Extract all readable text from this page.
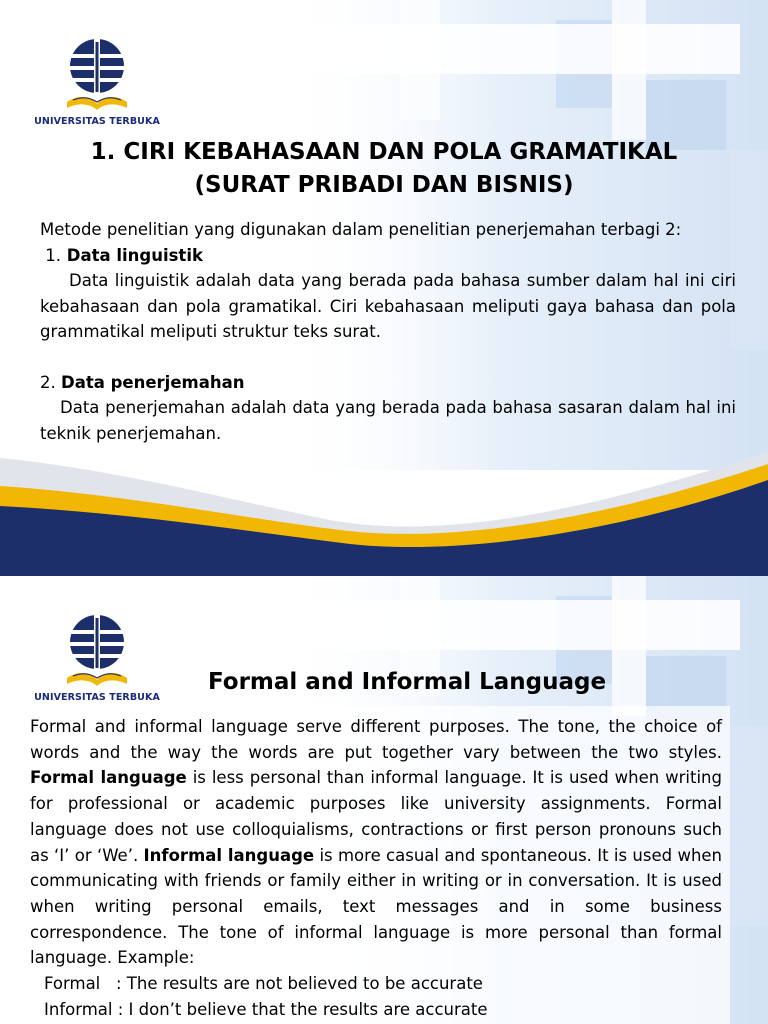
UNIVERSITAS TERBUKA
1. CIRI KEBAHASAAN DAN POLA GRAMATIKAL
(SURAT PRIBADI DAN BISNIS)

Metode penelitian yang digunakan dalam penelitian penerjemahan terbagi 2:

1. Data linguistik

Data linguistik adalah data yang berada pada bahasa sumber dalam hal ini ciri kebahasaan dan pola gramatikal. Ciri kebahasaan meliputi gaya bahasa dan pola grammatikal meliputi struktur teks surat.

2. Data penerjemahan

Data penerjemahan adalah data yang berada pada bahasa sasaran dalam hal ini teknik penerjemahan.

UNIVERSITAS TERBUKA
Formal and Informal Language

Formal and informal language serve different purposes. The tone, the choice of words and the way the words are put together vary between the two styles. Formal language is less personal than informal language. It is used when writing for professional or academic purposes like university assignments. Formal language does not use colloquialisms, contractions or first person pronouns such as ‘I’ or ‘We’. Informal language is more casual and spontaneous. It is used when communicating with friends or family either in writing or in conversation. It is used when writing personal emails, text messages and in some business correspondence. The tone of informal language is more personal than formal language. Example:

Formal   : The results are not believed to be accurate

Informal : I don’t believe that the results are accurate
